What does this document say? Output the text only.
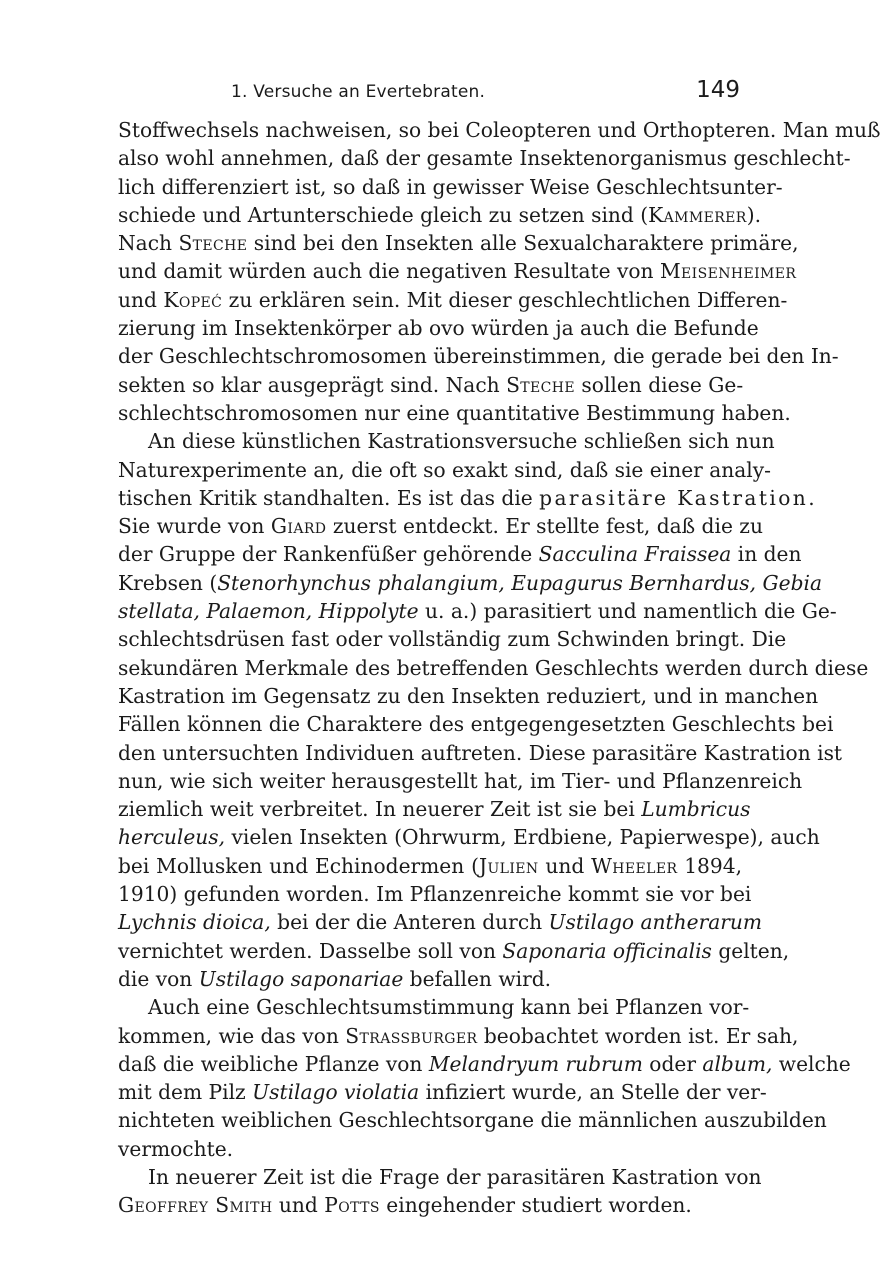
1. Versuche an Evertebraten.	149
Stoffwechsels nachweisen, so bei Coleopteren und Orthopteren. Man muß
also wohl annehmen, daß der gesamte Insektenorganismus geschlecht-
lich differenziert ist, so daß in gewisser Weise Geschlechtsunter-
schiede und Artunterschiede gleich zu setzen sind (Kammerer).
Nach Steche sind bei den Insekten alle Sexualcharaktere primäre,
und damit würden auch die negativen Resultate von Meisenheimer
und Kopeć zu erklären sein. Mit dieser geschlechtlichen Differen-
zierung im Insektenkörper ab ovo würden ja auch die Befunde
der Geschlechtschromosomen übereinstimmen, die gerade bei den In-
sekten so klar ausgeprägt sind. Nach Steche sollen diese Ge-
schlechtschromosomen nur eine quantitative Bestimmung haben.
An diese künstlichen Kastrationsversuche schließen sich nun
Naturexperimente an, die oft so exakt sind, daß sie einer analy-
tischen Kritik standhalten. Es ist das die parasitäre Kastration.
Sie wurde von Giard zuerst entdeckt. Er stellte fest, daß die zu
der Gruppe der Rankenfüßer gehörende Sacculina Fraissea in den
Krebsen (Stenorhynchus phalangium, Eupagurus Bernhardus, Gebia
stellata, Palaemon, Hippolyte u. a.) parasitiert und namentlich die Ge-
schlechtsdrüsen fast oder vollständig zum Schwinden bringt. Die
sekundären Merkmale des betreffenden Geschlechts werden durch diese
Kastration im Gegensatz zu den Insekten reduziert, und in manchen
Fällen können die Charaktere des entgegengesetzten Geschlechts bei
den untersuchten Individuen auftreten. Diese parasitäre Kastration ist
nun, wie sich weiter herausgestellt hat, im Tier- und Pflanzenreich
ziemlich weit verbreitet. In neuerer Zeit ist sie bei Lumbricus
herculeus, vielen Insekten (Ohrwurm, Erdbiene, Papierwespe), auch
bei Mollusken und Echinodermen (Julien und Wheeler 1894,
1910) gefunden worden. Im Pflanzenreiche kommt sie vor bei
Lychnis dioica, bei der die Anteren durch Ustilago antherarum
vernichtet werden. Dasselbe soll von Saponaria officinalis gelten,
die von Ustilago saponariae befallen wird.
Auch eine Geschlechtsumstimmung kann bei Pflanzen vor-
kommen, wie das von Strassburger beobachtet worden ist. Er sah,
daß die weibliche Pflanze von Melandryum rubrum oder album, welche
mit dem Pilz Ustilago violatia infiziert wurde, an Stelle der ver-
nichteten weiblichen Geschlechtsorgane die männlichen auszubilden
vermochte.
In neuerer Zeit ist die Frage der parasitären Kastration von
Geoffrey Smith und Potts eingehender studiert worden.
